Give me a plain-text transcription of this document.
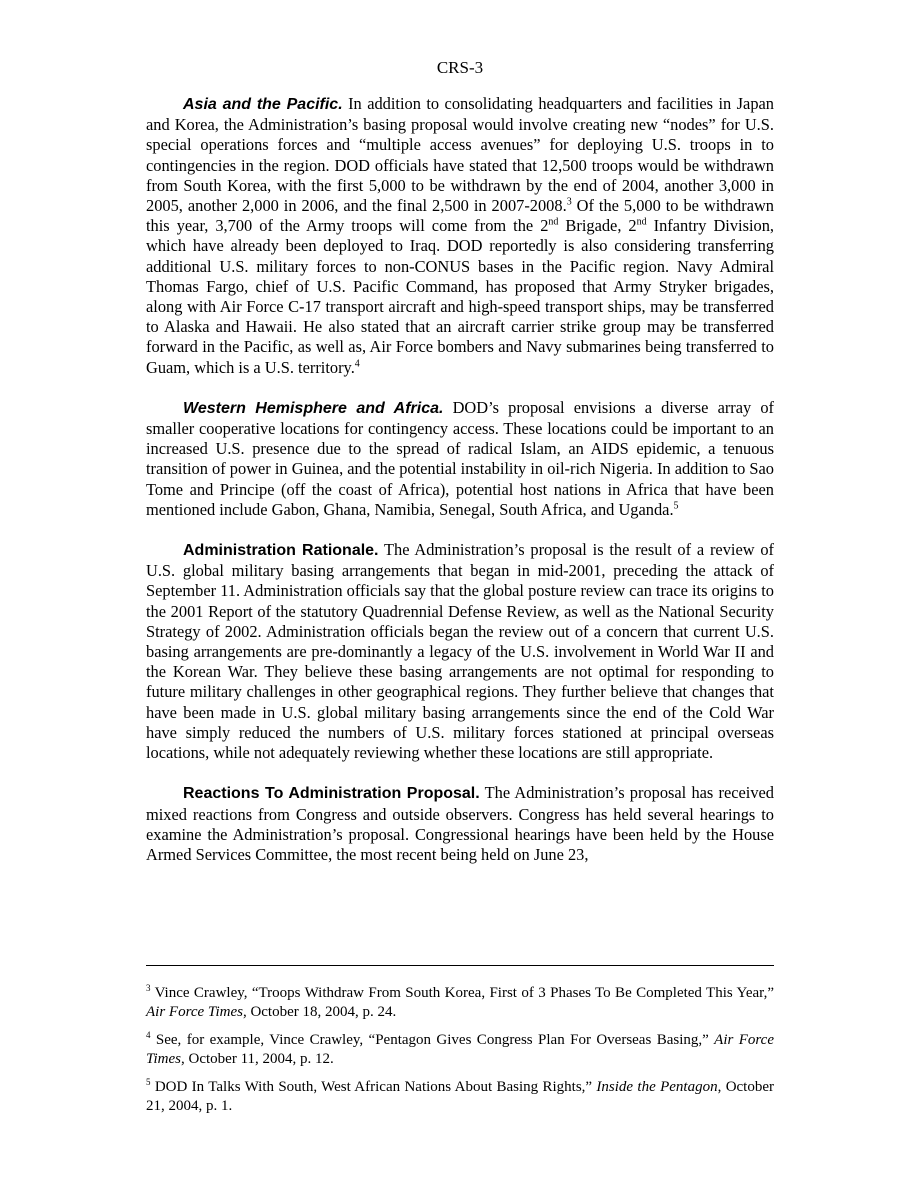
CRS-3

Asia and the Pacific. In addition to consolidating headquarters and facilities in Japan and Korea, the Administration’s basing proposal would involve creating new “nodes” for U.S. special operations forces and “multiple access avenues” for deploying U.S. troops in to contingencies in the region. DOD officials have stated that 12,500 troops would be withdrawn from South Korea, with the first 5,000 to be withdrawn by the end of 2004, another 3,000 in 2005, another 2,000 in 2006, and the final 2,500 in 2007-2008.$^3$ Of the 5,000 to be withdrawn this year, 3,700 of the Army troops will come from the 2nd Brigade, 2nd Infantry Division, which have already been deployed to Iraq. DOD reportedly is also considering transferring additional U.S. military forces to non-CONUS bases in the Pacific region. Navy Admiral Thomas Fargo, chief of U.S. Pacific Command, has proposed that Army Stryker brigades, along with Air Force C-17 transport aircraft and high-speed transport ships, may be transferred to Alaska and Hawaii. He also stated that an aircraft carrier strike group may be transferred forward in the Pacific, as well as, Air Force bombers and Navy submarines being transferred to Guam, which is a U.S. territory.$^4$

Western Hemisphere and Africa. DOD’s proposal envisions a diverse array of smaller cooperative locations for contingency access. These locations could be important to an increased U.S. presence due to the spread of radical Islam, an AIDS epidemic, a tenuous transition of power in Guinea, and the potential instability in oil-rich Nigeria. In addition to Sao Tome and Principe (off the coast of Africa), potential host nations in Africa that have been mentioned include Gabon, Ghana, Namibia, Senegal, South Africa, and Uganda.$^5$

Administration Rationale. The Administration’s proposal is the result of a review of U.S. global military basing arrangements that began in mid-2001, preceding the attack of September 11. Administration officials say that the global posture review can trace its origins to the 2001 Report of the statutory Quadrennial Defense Review, as well as the National Security Strategy of 2002. Administration officials began the review out of a concern that current U.S. basing arrangements are pre-dominantly a legacy of the U.S. involvement in World War II and the Korean War. They believe these basing arrangements are not optimal for responding to future military challenges in other geographical regions. They further believe that changes that have been made in U.S. global military basing arrangements since the end of the Cold War have simply reduced the numbers of U.S. military forces stationed at principal overseas locations, while not adequately reviewing whether these locations are still appropriate.

Reactions To Administration Proposal. The Administration’s proposal has received mixed reactions from Congress and outside observers. Congress has held several hearings to examine the Administration’s proposal. Congressional hearings have been held by the House Armed Services Committee, the most recent being held on June 23,

$^3$ Vince Crawley, “Troops Withdraw From South Korea, First of 3 Phases To Be Completed This Year,” Air Force Times, October 18, 2004, p. 24.

$^4$ See, for example, Vince Crawley, “Pentagon Gives Congress Plan For Overseas Basing,” Air Force Times, October 11, 2004, p. 12.

$^5$ DOD In Talks With South, West African Nations About Basing Rights,” Inside the Pentagon, October 21, 2004, p. 1.
